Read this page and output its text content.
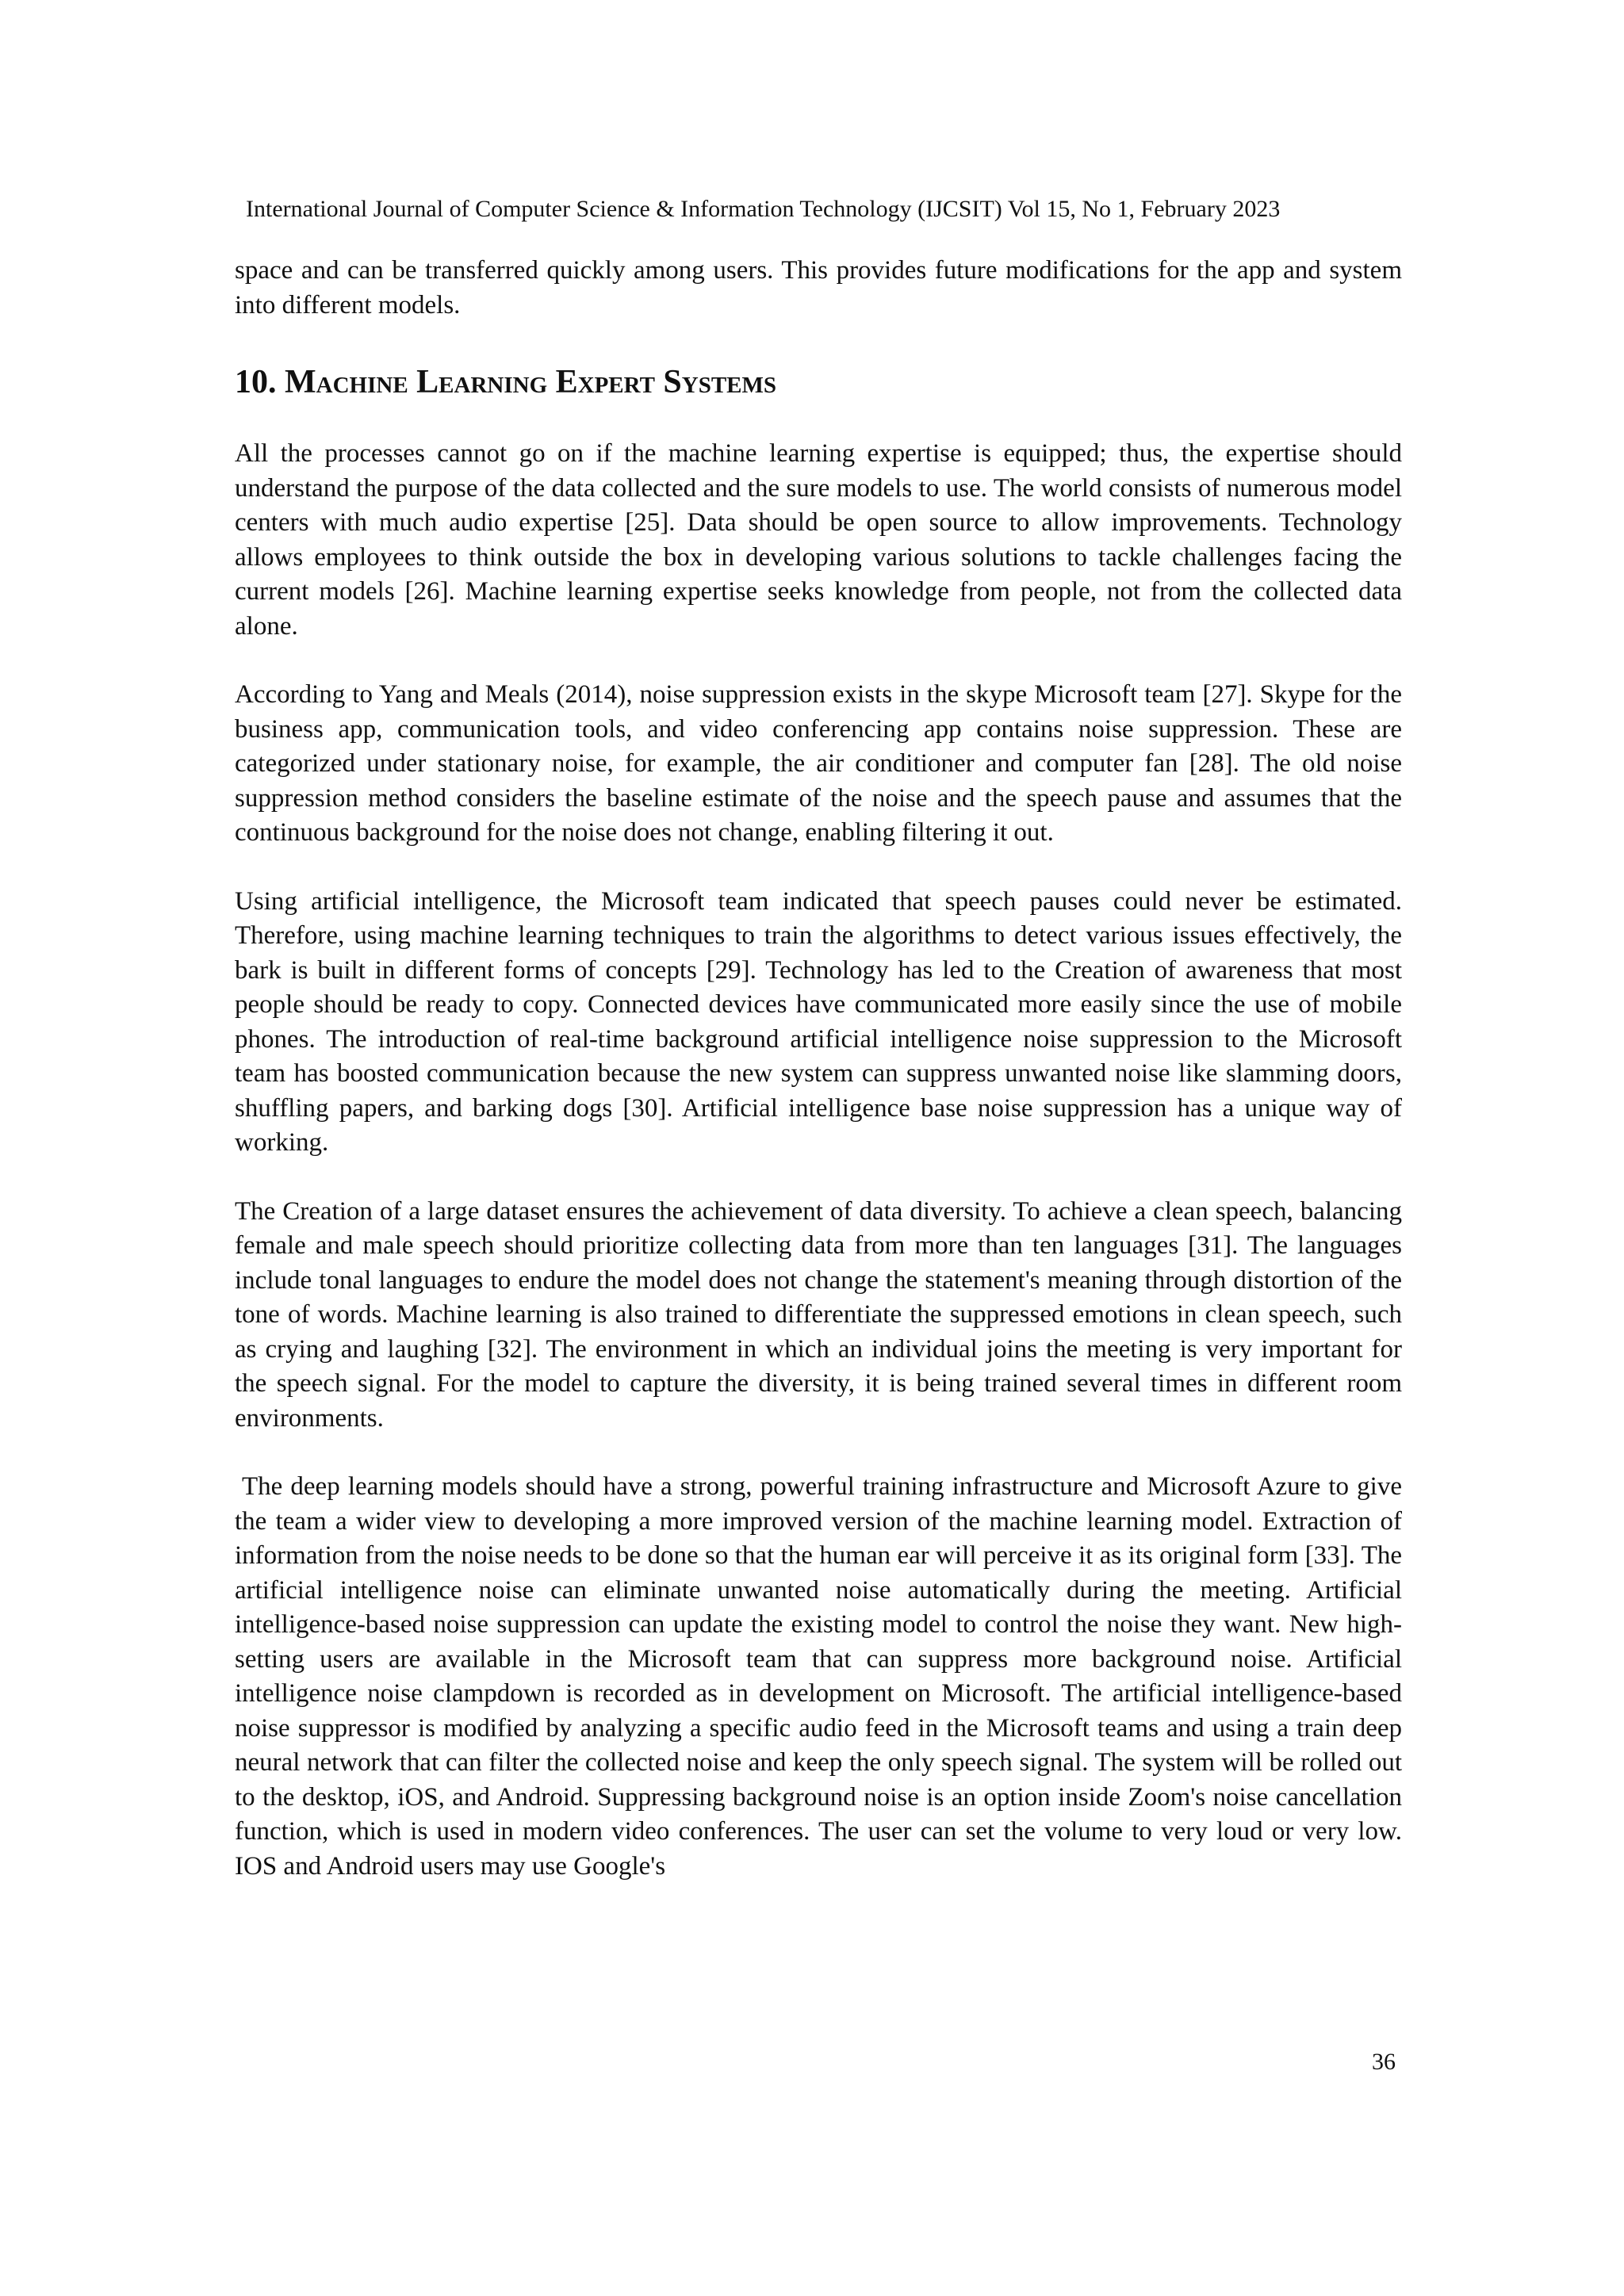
International Journal of Computer Science & Information Technology (IJCSIT) Vol 15, No 1, February 2023

space and can be transferred quickly among users. This provides future modifications for the app and system into different models.

10. Machine Learning Expert Systems

All the processes cannot go on if the machine learning expertise is equipped; thus, the expertise should understand the purpose of the data collected and the sure models to use. The world consists of numerous model centers with much audio expertise [25]. Data should be open source to allow improvements. Technology allows employees to think outside the box in developing various solutions to tackle challenges facing the current models [26]. Machine learning expertise seeks knowledge from people, not from the collected data alone.

According to Yang and Meals (2014), noise suppression exists in the skype Microsoft team [27]. Skype for the business app, communication tools, and video conferencing app contains noise suppression. These are categorized under stationary noise, for example, the air conditioner and computer fan [28]. The old noise suppression method considers the baseline estimate of the noise and the speech pause and assumes that the continuous background for the noise does not change, enabling filtering it out.

Using artificial intelligence, the Microsoft team indicated that speech pauses could never be estimated. Therefore, using machine learning techniques to train the algorithms to detect various issues effectively, the bark is built in different forms of concepts [29]. Technology has led to the Creation of awareness that most people should be ready to copy. Connected devices have communicated more easily since the use of mobile phones. The introduction of real-time background artificial intelligence noise suppression to the Microsoft team has boosted communication because the new system can suppress unwanted noise like slamming doors, shuffling papers, and barking dogs [30]. Artificial intelligence base noise suppression has a unique way of working.

The Creation of a large dataset ensures the achievement of data diversity. To achieve a clean speech, balancing female and male speech should prioritize collecting data from more than ten languages [31]. The languages include tonal languages to endure the model does not change the statement's meaning through distortion of the tone of words. Machine learning is also trained to differentiate the suppressed emotions in clean speech, such as crying and laughing [32]. The environment in which an individual joins the meeting is very important for the speech signal. For the model to capture the diversity, it is being trained several times in different room environments.

The deep learning models should have a strong, powerful training infrastructure and Microsoft Azure to give the team a wider view to developing a more improved version of the machine learning model. Extraction of information from the noise needs to be done so that the human ear will perceive it as its original form [33]. The artificial intelligence noise can eliminate unwanted noise automatically during the meeting. Artificial intelligence-based noise suppression can update the existing model to control the noise they want. New high-setting users are available in the Microsoft team that can suppress more background noise. Artificial intelligence noise clampdown is recorded as in development on Microsoft. The artificial intelligence-based noise suppressor is modified by analyzing a specific audio feed in the Microsoft teams and using a train deep neural network that can filter the collected noise and keep the only speech signal. The system will be rolled out to the desktop, iOS, and Android. Suppressing background noise is an option inside Zoom's noise cancellation function, which is used in modern video conferences. The user can set the volume to very loud or very low. IOS and Android users may use Google's

36
